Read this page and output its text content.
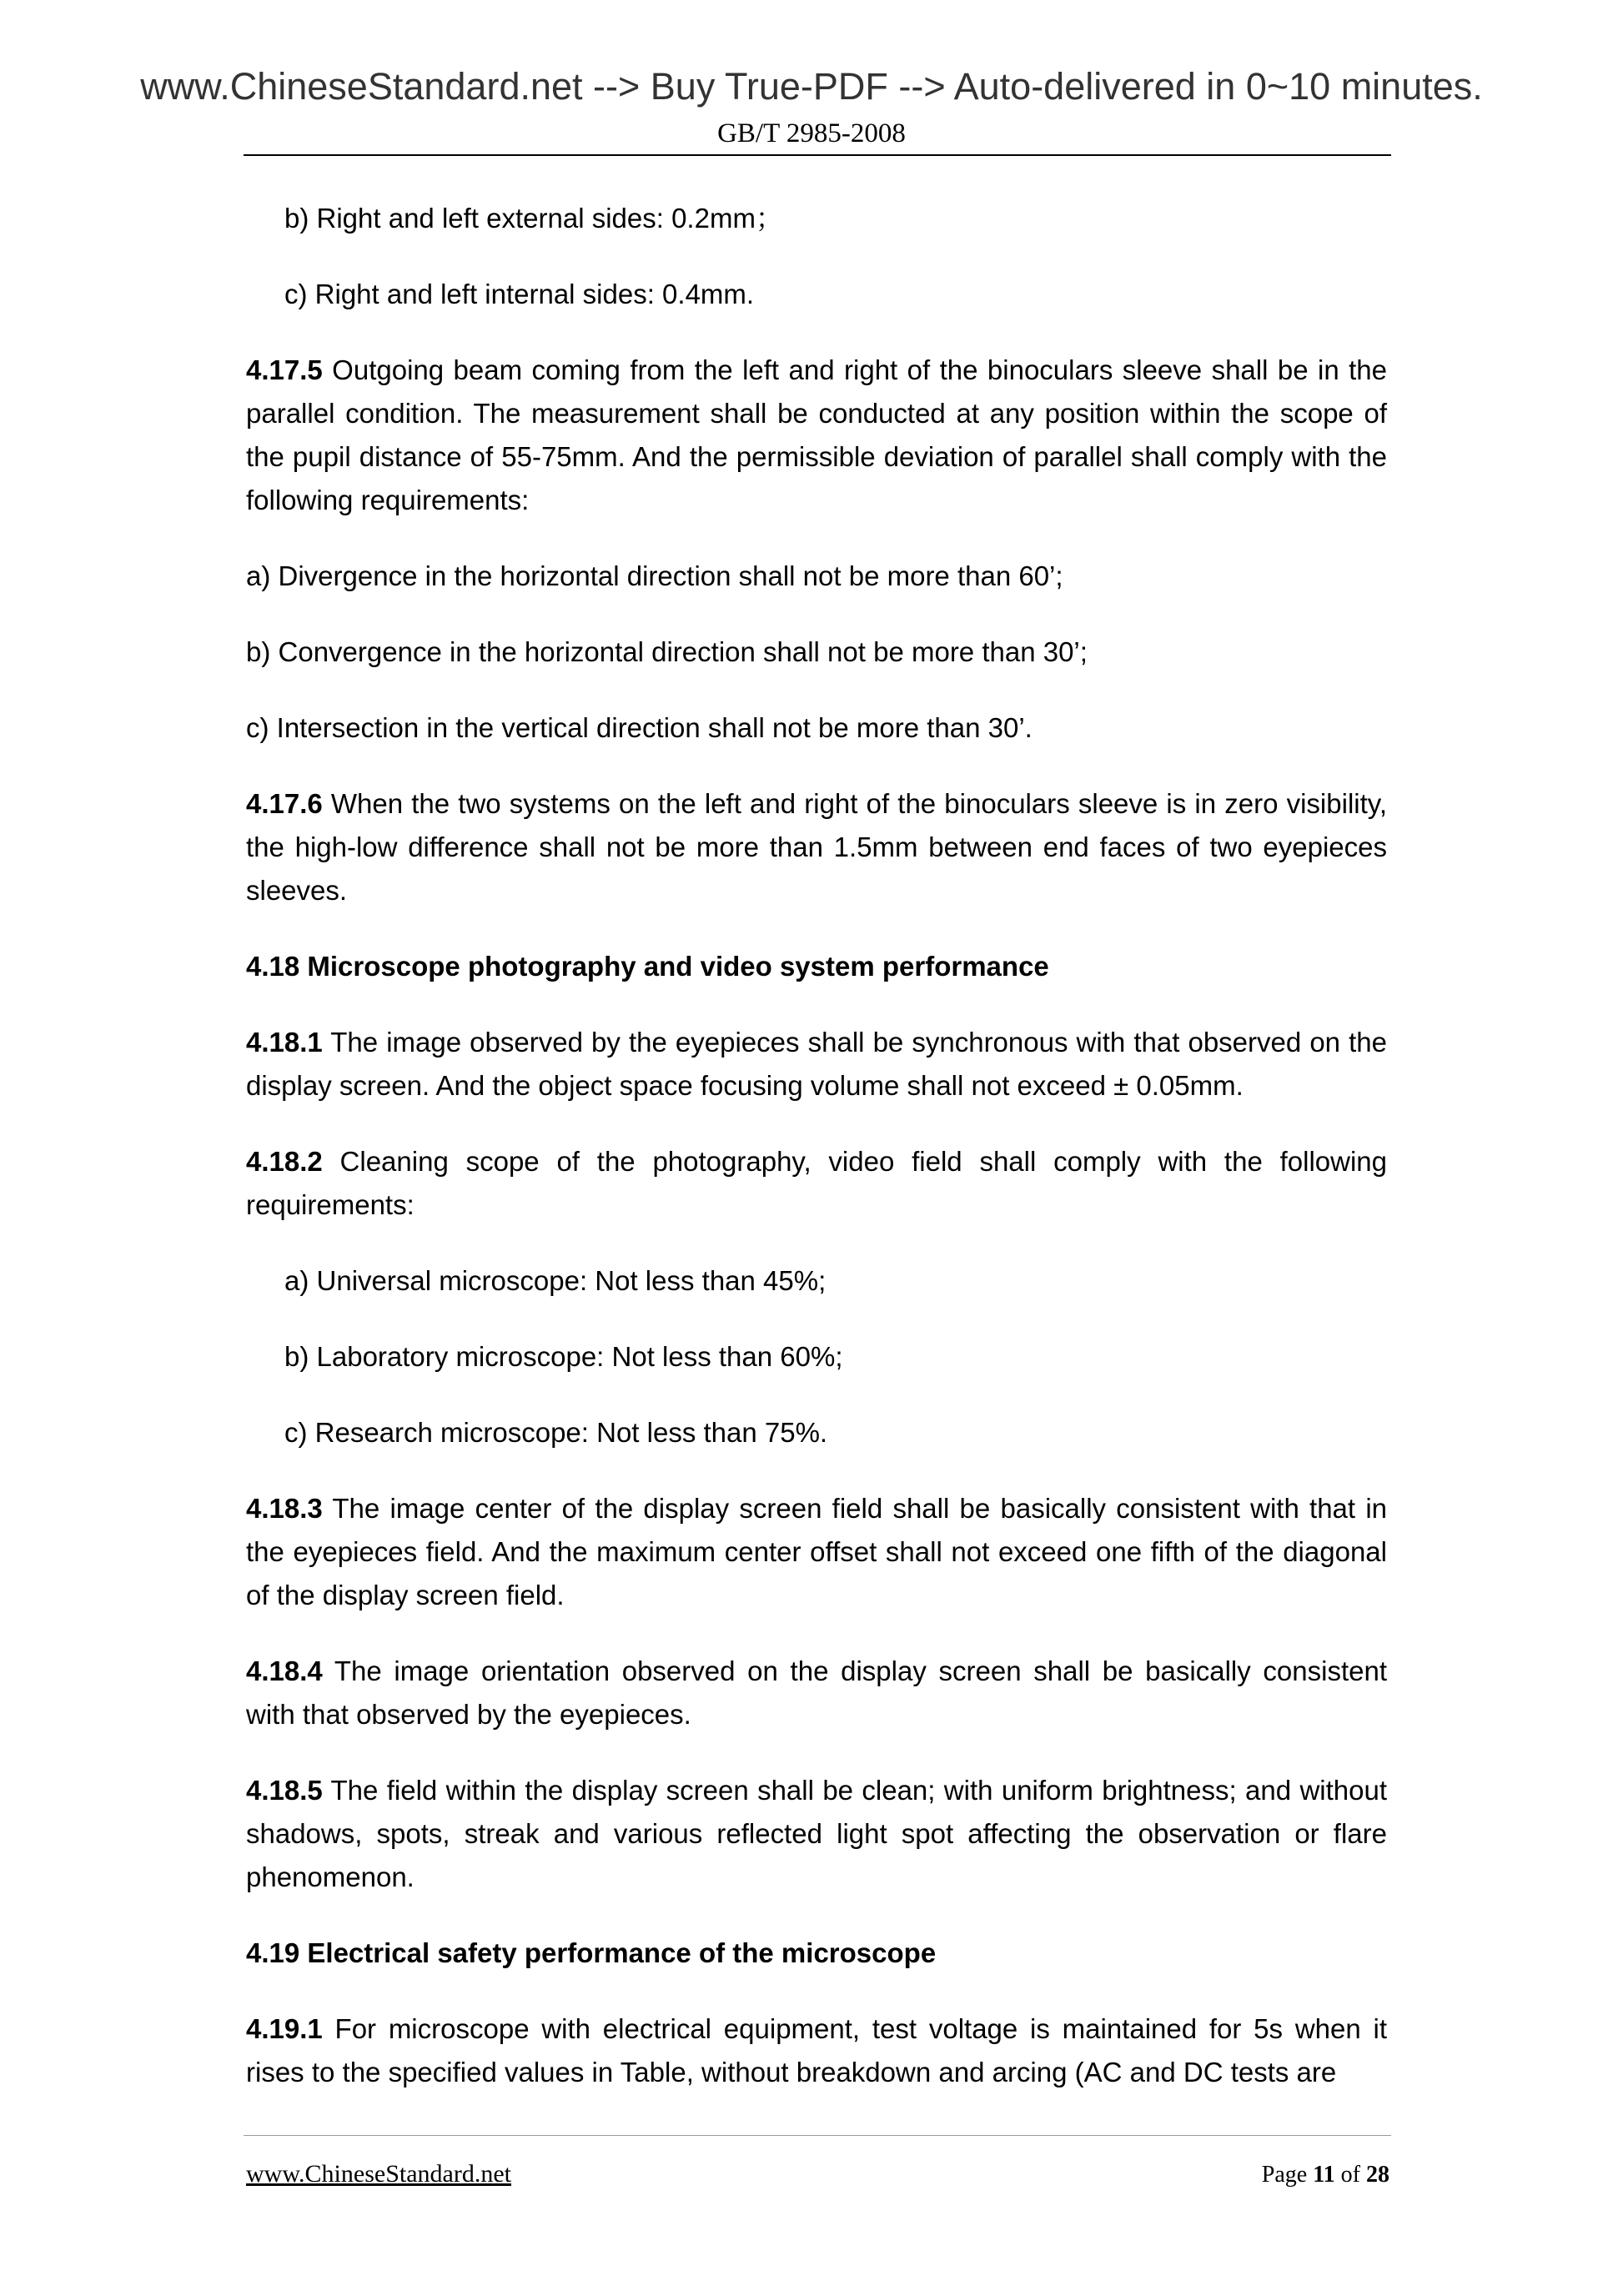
www.ChineseStandard.net --> Buy True-PDF --> Auto-delivered in 0~10 minutes.
GB/T 2985-2008

b) Right and left external sides: 0.2mm；

c) Right and left internal sides: 0.4mm.

4.17.5 Outgoing beam coming from the left and right of the binoculars sleeve shall be in the parallel condition. The measurement shall be conducted at any position within the scope of the pupil distance of 55-75mm. And the permissible deviation of parallel shall comply with the following requirements:

a) Divergence in the horizontal direction shall not be more than 60’;

b) Convergence in the horizontal direction shall not be more than 30’;

c) Intersection in the vertical direction shall not be more than 30’.

4.17.6 When the two systems on the left and right of the binoculars sleeve is in zero visibility, the high-low difference shall not be more than 1.5mm between end faces of two eyepieces sleeves.

4.18 Microscope photography and video system performance

4.18.1 The image observed by the eyepieces shall be synchronous with that observed on the display screen. And the object space focusing volume shall not exceed ± 0.05mm.

4.18.2 Cleaning scope of the photography, video field shall comply with the following requirements:

a) Universal microscope: Not less than 45%;

b) Laboratory microscope: Not less than 60%;

c) Research microscope: Not less than 75%.

4.18.3 The image center of the display screen field shall be basically consistent with that in the eyepieces field. And the maximum center offset shall not exceed one fifth of the diagonal of the display screen field.

4.18.4 The image orientation observed on the display screen shall be basically consistent with that observed by the eyepieces.

4.18.5 The field within the display screen shall be clean; with uniform brightness; and without shadows, spots, streak and various reflected light spot affecting the observation or flare phenomenon.

4.19 Electrical safety performance of the microscope

4.19.1 For microscope with electrical equipment, test voltage is maintained for 5s when it rises to the specified values in Table, without breakdown and arcing (AC and DC tests are

www.ChineseStandard.net	Page 11 of 28
